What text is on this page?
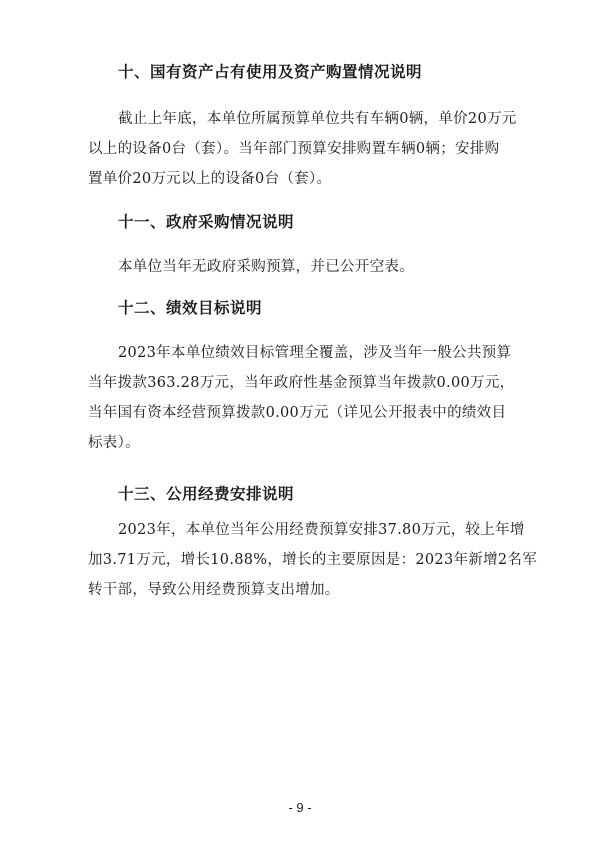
十、国有资产占有使用及资产购置情况说明
截止上年底，本单位所属预算单位共有车辆0辆，单价20万元
以上的设备0台（套）。当年部门预算安排购置车辆0辆；安排购
置单价20万元以上的设备0台（套）。
十一、政府采购情况说明
本单位当年无政府采购预算，并已公开空表。
十二、绩效目标说明
2023年本单位绩效目标管理全覆盖，涉及当年一般公共预算
当年拨款363.28万元，当年政府性基金预算当年拨款0.00万元，
当年国有资本经营预算拨款0.00万元（详见公开报表中的绩效目
标表）。
十三、公用经费安排说明
2023年，本单位当年公用经费预算安排37.80万元，较上年增
加3.71万元，增长10.88%，增长的主要原因是：2023年新增2名军
转干部，导致公用经费预算支出增加。
- 9 -
